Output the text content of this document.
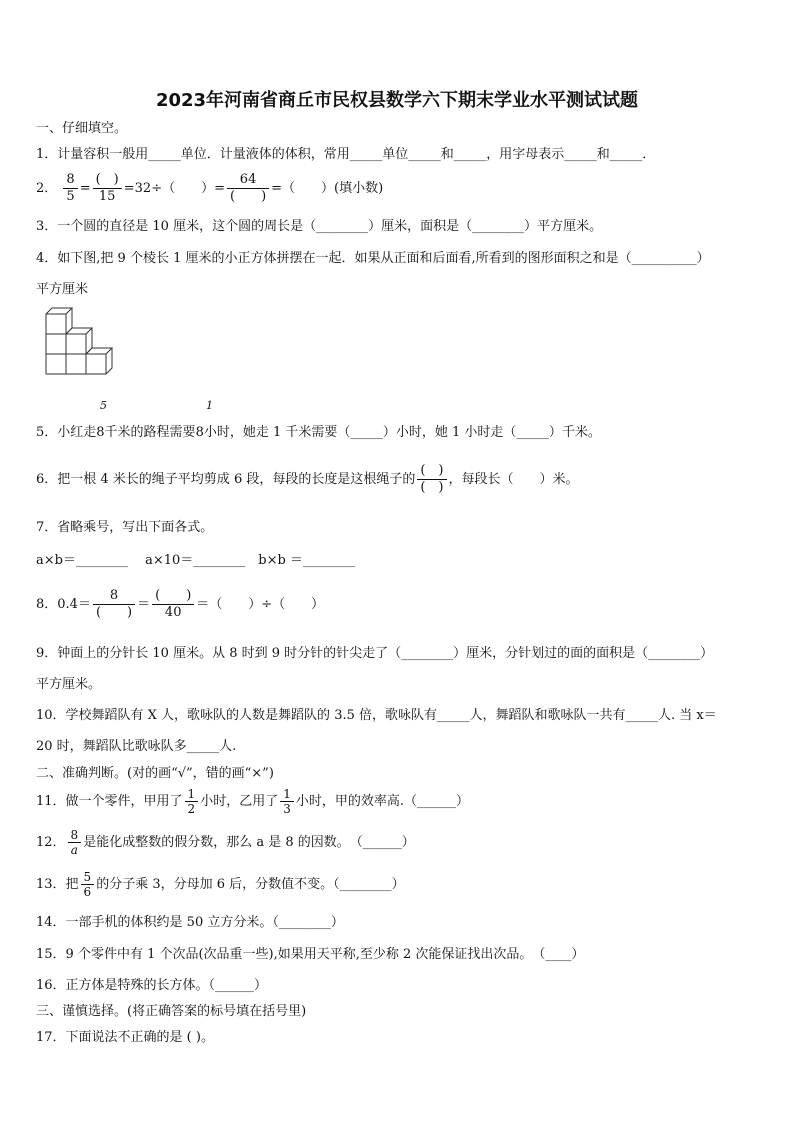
2023年河南省商丘市民权县数学六下期末学业水平测试试题
一、仔细填空。
1．计量容积一般用_____单位．计量液体的体积，常用_____单位_____和_____，用字母表示_____和_____．
2． $\frac{8}{5} = \frac{( )}{15} =32\div$（　　）= $\frac{64}{( )}$ =（　　）(填小数)
3．一个圆的直径是 10 厘米，这个圆的周长是（________）厘米，面积是（________）平方厘米。
4．如下图,把 9 个棱长 1 厘米的小正方体拼摆在一起．如果从正面和后面看,所看到的图形面积之和是（__________）
平方厘米
5．小红走8千米的路程需要8小时，她走 1 千米需要（_____）小时，她 1 小时走（_____）千米。
5	1
6．把一根 4 米长的绳子平均剪成 6 段，每段的长度是这根绳子的 $\frac{( )}{( )}$ ，每段长（　　）米。
7．省略乘号，写出下面各式。
a×b＝________　 a×10＝________　b×b ＝________
8．$0.4= \frac{8}{( )} = \frac{( )}{40}$ ＝（　　）÷（　　）
9．钟面上的分针长 10 厘米。从 8 时到 9 时分针的针尖走了（________）厘米，分针划过的面的面积是（________）
平方厘米。
10．学校舞蹈队有 X 人，歌咏队的人数是舞蹈队的 3.5 倍，歌咏队有_____人，舞蹈队和歌咏队一共有_____人. 当 x＝
20 时，舞蹈队比歌咏队多_____人.
二、准确判断。(对的画“√”，错的画“×”)
11．做一个零件，甲用了 $\frac{1}{2}$ 小时，乙用了 $\frac{1}{3}$ 小时，甲的效率高.（______）
12． $\frac{8}{a}$ 是能化成整数的假分数，那么 a 是 8 的因数。　（______）
13．把 $\frac{5}{6}$ 的分子乘 3，分母加 6 后，分数值不变。（________）
14．一部手机的体积约是 50 立方分米。（________）
15．9 个零件中有 1 个次品(次品重一些),如果用天平称,至少称 2 次能保证找出次品。　（____）
16．正方体是特殊的长方体。（______）
三、谨慎选择。(将正确答案的标号填在括号里)
17．下面说法不正确的是 ( )。
